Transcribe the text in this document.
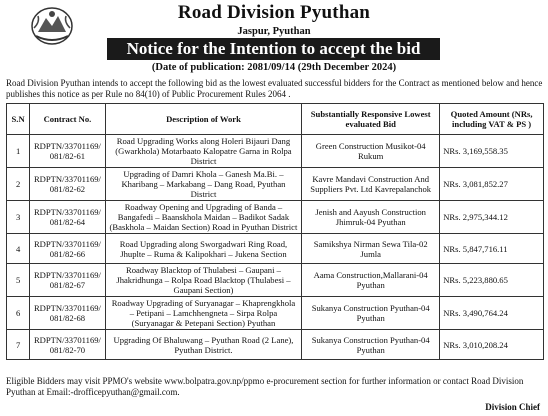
Road Division Pyuthan
Jaspur, Pyuthan
Notice for the Intention to accept the bid
(Date of publication: 2081/09/14 (29th December 2024)
Road Division Pyuthan intends to accept the following bid as the lowest evaluated successful bidders for the Contract as mentioned below and hence publishes this notice as per Rule no 84(10) of Public Procurement Rules 2064 .
S.N	Contract No.	Description of Work	Substantially Responsive Lowest evaluated Bid	Quoted Amount (NRs, including VAT & PS )
1	RDPTN/33701169/ 081/82-61	Road Upgrading Works along Holeri Bijauri Dang (Gwarkhola) Motarbaato Kalopatre Garna in Rolpa District	Green Construction Musikot-04 Rukum	NRs. 3,169,558.35
2	RDPTN/33701169/ 081/82-62	Upgrading of Damri Khola – Ganesh Ma.Bi. – Kharibang – Markabang – Dang Road, Pyuthan District	Kavre Mandavi Construction And Suppliers Pvt. Ltd Kavrepalanchok	NRs. 3,081,852.27
3	RDPTN/33701169/ 081/82-64	Roadway Opening and Upgrading of Banda – Bangafedi – Baanskhola Maidan – Badikot Sadak (Baskhola – Maidan Section) Road in Pyuthan District	Jenish and Aayush Construction Jhimruk-04 Pyuthan	NRs. 2,975,344.12
4	RDPTN/33701169/ 081/82-66	Road Upgrading along Sworgadwari Ring Road, Jhuplte – Ruma & Kalipokhari – Jukena Section	Samikshya Nirman Sewa Tila-02 Jumla	NRs. 5,847,716.11
5	RDPTN/33701169/ 081/82-67	Roadway Blacktop of Thulabesi – Gaupani – Jhakridhunga – Rolpa Road Blacktop (Thulabesi – Gaupani Section)	Aama Construction,Mallarani-04 Pyuthan	NRs. 5,223,880.65
6	RDPTN/33701169/ 081/82-68	Roadway Upgrading of Suryanagar – Khaprengkhola – Petipani – Lamchhengneta – Sirpa Rolpa (Suryanagar & Petepani Section) Pyuthan	Sukanya Construction Pyuthan-04 Pyuthan	NRs. 3,490,764.24
7	RDPTN/33701169/ 081/82-70	Upgrading Of Bhaluwang – Pyuthan Road (2 Lane), Pyuthan District.	Sukanya Construction Pyuthan-04 Pyuthan	NRs. 3,010,208.24
Eligible Bidders may visit PPMO's website www.bolpatra.gov.np/ppmo e-procurement section for further information or contact Road Division Pyuthan at Email:-drofficepyuthan@gmail.com.
Division Chief
